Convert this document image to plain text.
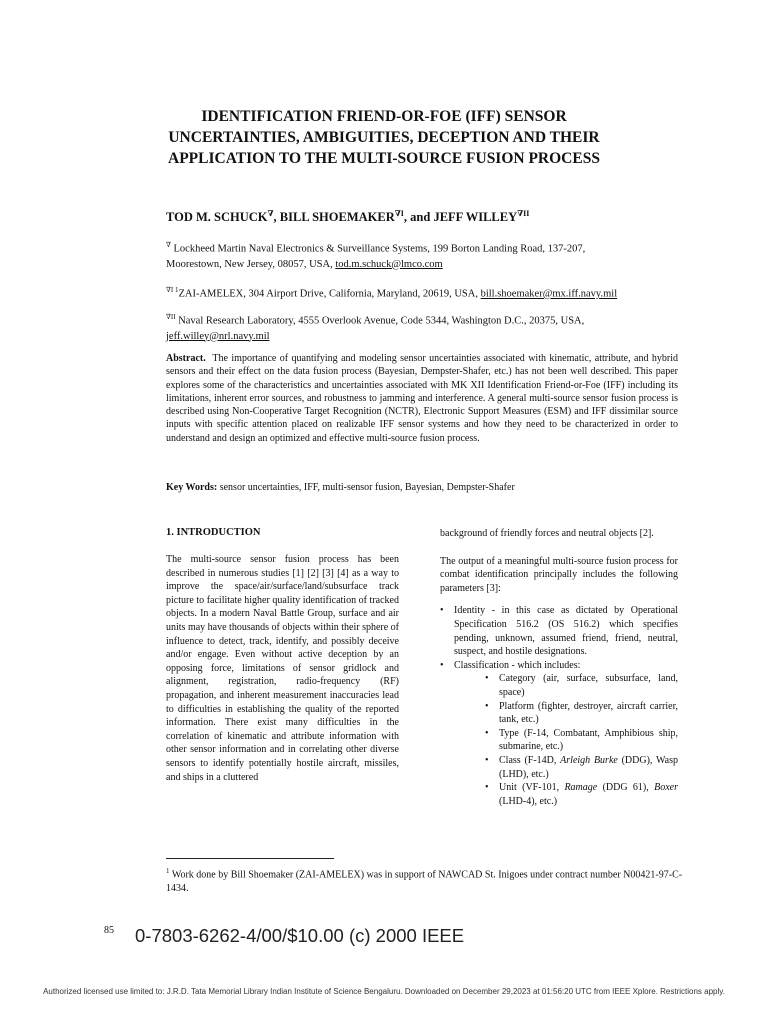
IDENTIFICATION FRIEND-OR-FOE (IFF) SENSOR
UNCERTAINTIES, AMBIGUITIES, DECEPTION AND THEIR
APPLICATION TO THE MULTI-SOURCE FUSION PROCESS
TOD M. SCHUCK∇, BILL $SHOEMAKER^{\nabla I}$, and JEFF $WILLEY^{\nabla II}$
∇ Lockheed Martin Naval Electronics & Surveillance Systems, 199 Borton Landing Road, 137-207,
Moorestown, New Jersey, 08057, USA, tod.m.schuck@lmco.com
$^{\nabla I 1}$ZAI-AMELEX, 304 Airport Drive, California, Maryland, 20619, USA, bill.shoemaker@mx.iff.navy.mil
$^{\nabla II}$ Naval Research Laboratory, 4555 Overlook Avenue, Code 5344, Washington D.C., 20375, USA,
jeff.willey@nrl.navy.mil
Abstract. The importance of quantifying and modeling sensor uncertainties associated with kinematic, attribute, and hybrid sensors and their effect on the data fusion process (Bayesian, Dempster-Shafer, etc.) has not been well described. This paper explores some of the characteristics and uncertainties associated with MK XII Identification Friend-or-Foe (IFF) including its limitations, inherent error sources, and robustness to jamming and interference. A general multi-source sensor fusion process is described using Non-Cooperative Target Recognition (NCTR), Electronic Support Measures (ESM) and IFF dissimilar source inputs with specific attention placed on realizable IFF sensor systems and how they need to be characterized in order to understand and design an optimized and effective multi-source fusion process.
Key Words: sensor uncertainties, IFF, multi-sensor fusion, Bayesian, Dempster-Shafer
1. INTRODUCTION

The multi-source sensor fusion process has been described in numerous studies [1] [2] [3] [4] as a way to improve the space/air/surface/land/subsurface track picture to facilitate higher quality identification of tracked objects. In a modern Naval Battle Group, surface and air units may have thousands of objects within their sphere of influence to detect, track, identify, and possibly deceive and/or engage. Even without active deception by an opposing force, limitations of sensor gridlock and alignment, registration, radio-frequency (RF) propagation, and inherent measurement inaccuracies lead to difficulties in establishing the quality of the reported information. There exist many difficulties in the correlation of kinematic and attribute information with other sensor information and in correlating other diverse sensors to identify potentially hostile aircraft, missiles, and ships in a cluttered

background of friendly forces and neutral objects [2].

The output of a meaningful multi-source fusion process for combat identification principally includes the following parameters [3]:

• Identity - in this case as dictated by Operational Specification 516.2 (OS 516.2) which specifies pending, unknown, assumed friend, friend, neutral, suspect, and hostile designations.
• Classification - which includes:
• Category (air, surface, subsurface, land, space)
• Platform (fighter, destroyer, aircraft carrier, tank, etc.)
• Type (F-14, Combatant, Amphibious ship, submarine, etc.)
• Class (F-14D, Arleigh Burke (DDG), Wasp (LHD), etc.)
• Unit (VF-101, Ramage (DDG 61), Boxer (LHD-4), etc.)
$^1$ Work done by Bill Shoemaker (ZAI-AMELEX) was in support of NAWCAD St. Inigoes under contract number N00421-97-C-1434.
85 0-7803-6262-4/00/$10.00 (c) 2000 IEEE
Authorized licensed use limited to: J.R.D. Tata Memorial Library Indian Institute of Science Bengaluru. Downloaded on December 29,2023 at 01:56:20 UTC from IEEE Xplore. Restrictions apply.
